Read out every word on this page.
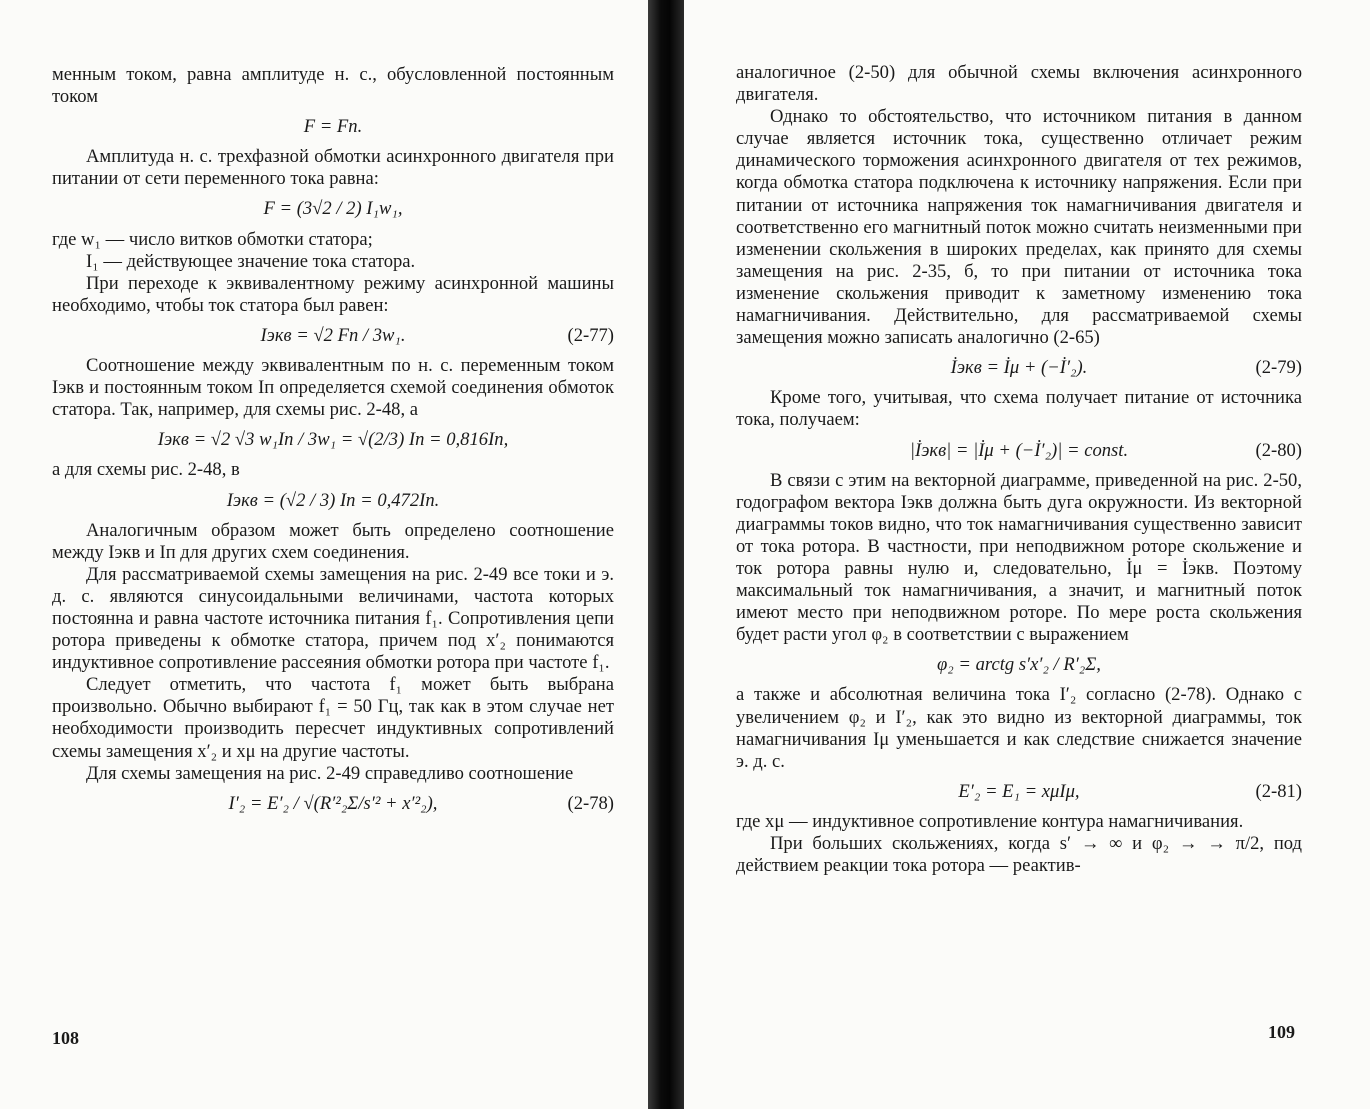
менным током, равна амплитуде н. с., обусловленной постоянным током

F = Fп.

Амплитуда н. с. трехфазной обмотки асинхронного двигателя при питании от сети переменного тока равна:

F = (3√2 / 2) I₁w₁,

где w₁ — число витков обмотки статора;

I₁ — действующее значение тока статора.

При переходе к эквивалентному режиму асинхронной машины необходимо, чтобы ток статора был равен:

Iэкв = √2 Fп / 3w₁.	(2-77)

Соотношение между эквивалентным по н. с. переменным током Iэкв и постоянным током Iп определяется схемой соединения обмоток статора. Так, например, для схемы рис. 2-48, а

Iэкв = √2 √3 w₁Iп / 3w₁ = √(2/3) Iп = 0,816Iп,

а для схемы рис. 2-48, в

Iэкв = (√2 / 3) Iп = 0,472Iп.

Аналогичным образом может быть определено соотношение между Iэкв и Iп для других схем соединения.

Для рассматриваемой схемы замещения на рис. 2-49 все токи и э. д. с. являются синусоидальными величинами, частота которых постоянна и равна частоте источника питания f₁. Сопротивления цепи ротора приведены к обмотке статора, причем под x′₂ понимаются индуктивное сопротивление рассеяния обмотки ротора при частоте f₁.

Следует отметить, что частота f₁ может быть выбрана произвольно. Обычно выбирают f₁ = 50 Гц, так как в этом случае нет необходимости производить пересчет индуктивных сопротивлений схемы замещения x′₂ и xμ на другие частоты.

Для схемы замещения на рис. 2-49 справедливо соотношение

I′₂ = E′₂ / √(R′²₂Σ/s′² + x′²₂),	(2-78)
108

аналогичное (2-50) для обычной схемы включения асинхронного двигателя.

Однако то обстоятельство, что источником питания в данном случае является источник тока, существенно отличает режим динамического торможения асинхронного двигателя от тех режимов, когда обмотка статора подключена к источнику напряжения. Если при питании от источника напряжения ток намагничивания двигателя и соответственно его магнитный поток можно считать неизменными при изменении скольжения в широких пределах, как принято для схемы замещения на рис. 2-35, б, то при питании от источника тока изменение скольжения приводит к заметному изменению тока намагничивания. Действительно, для рассматриваемой схемы замещения можно записать аналогично (2-65)

İэкв = İμ + (−İ′₂).	(2-79)

Кроме того, учитывая, что схема получает питание от источника тока, получаем:

|İэкв| = |İμ + (−İ′₂)| = const.	(2-80)

В связи с этим на векторной диаграмме, приведенной на рис. 2-50, годографом вектора Iэкв должна быть дуга окружности. Из векторной диаграммы токов видно, что ток намагничивания существенно зависит от тока ротора. В частности, при неподвижном роторе скольжение и ток ротора равны нулю и, следовательно, İμ = İэкв. Поэтому максимальный ток намагничивания, а значит, и магнитный поток имеют место при неподвижном роторе. По мере роста скольжения будет расти угол φ₂ в соответствии с выражением

φ₂ = arctg s′x′₂ / R′₂Σ,

а также и абсолютная величина тока I′₂ согласно (2-78). Однако с увеличением φ₂ и I′₂, как это видно из векторной диаграммы, ток намагничивания Iμ уменьшается и как следствие снижается значение э. д. с.

E′₂ = E₁ = xμIμ,	(2-81)

где xμ — индуктивное сопротивление контура намагничивания.

При больших скольжениях, когда s′ → ∞ и φ₂ → → π/2, под действием реакции тока ротора — реактив-

109
